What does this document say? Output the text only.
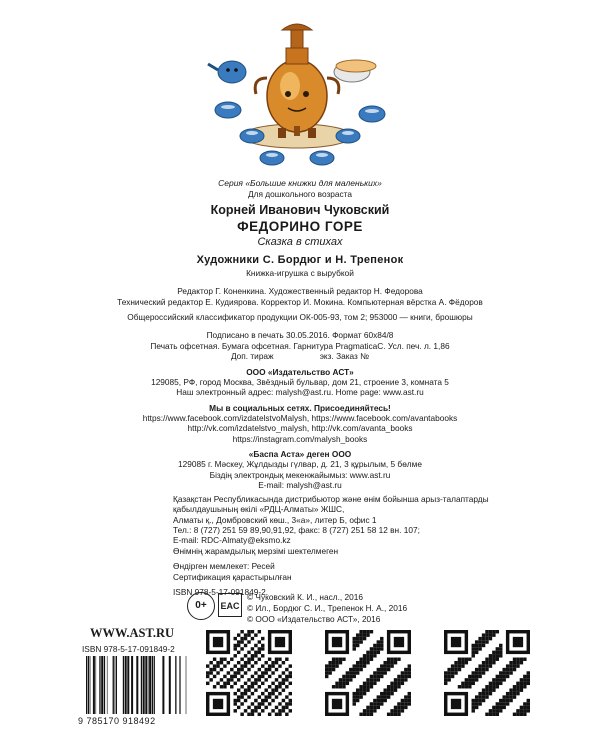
Серия «Большие книжки для маленьких»
Для дошкольного возраста
Корней Иванович Чуковский
ФЕДОРИНО ГОРЕ
Сказка в стихах
Художники С. Бордюг и Н. Трепенок
Книжка-игрушка с вырубкой
Редактор Г. Коненкина. Художественный редактор Н. Федорова
Технический редактор Е. Кудиярова. Корректор И. Мокина. Компьютерная вёрстка А. Фёдоров
Общероссийский классификатор продукции ОК-005-93, том 2; 953000 — книги, брошюры
Подписано в печать 30.05.2016. Формат 60х84/8
Печать офсетная. Бумага офсетная. Гарнитура PragmaticaC. Усл. печ. л. 1,86
Доп. тираж                    экз. Заказ №
ООО «Издательство АСТ»
129085, РФ, город Москва, Звёздный бульвар, дом 21, строение 3, комната 5
Наш электронный адрес: malysh@ast.ru. Home page: www.ast.ru
Мы в социальных сетях. Присоединяйтесь!
https://www.facebook.com/izdatelstvoMalysh, https://www.facebook.com/avantabooks
http://vk.com/izdatelstvo_malysh, http://vk.com/avanta_books
https://instagram.com/malysh_books
«Баспа Аста» деген ООО
129085 г. Мәскеу, Жұлдызды гүлвар, д. 21, 3 құрылым, 5 бөлме
Біздің электрондық мекенжайымыз: www.ast.ru
E-mail: malysh@ast.ru
Қазақстан Республикасында дистрибьютор және өнім бойынша арыз-талаптарды
қабылдаушының өкілі «РДЦ-Алматы» ЖШС,
Алматы қ., Домбровский көш., 3«а», литер Б, офис 1
Тел.: 8 (727) 251 59 89,90,91,92, факс: 8 (727) 251 58 12 вн. 107;
E-mail: RDC-Almaty@eksmo.kz
Өнімнің жарамдылық мерзімі шектелмеген
Өндірген мемлекет: Ресей
Сертификация қарастырылған
ISBN 978-5-17-091849-2.
0+	EAC
© Чуковский К. И., насл., 2016
© Ил., Бордюг С. И., Трепенок Н. А., 2016
© ООО «Издательство АСТ», 2016
WWW.AST.RU
ISBN 978-5-17-091849-2
9 785170 918492
